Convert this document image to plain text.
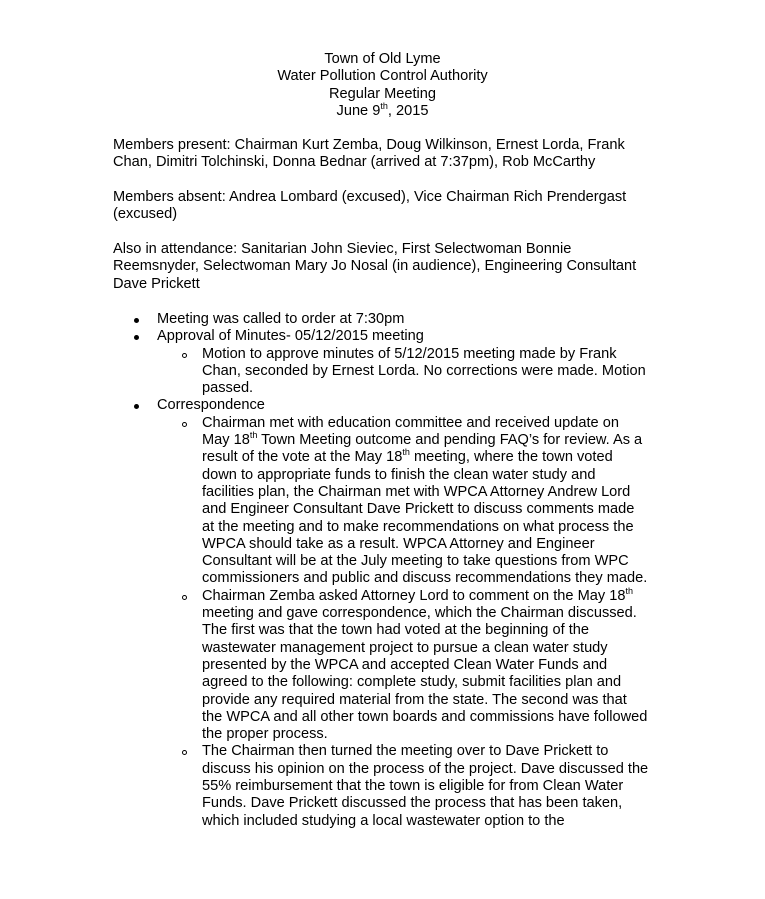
Town of Old Lyme
Water Pollution Control Authority
Regular Meeting
June 9th, 2015
Members present: Chairman Kurt Zemba, Doug Wilkinson, Ernest Lorda, Frank Chan, Dimitri Tolchinski, Donna Bednar (arrived at 7:37pm), Rob McCarthy
Members absent: Andrea Lombard (excused), Vice Chairman Rich Prendergast (excused)
Also in attendance: Sanitarian John Sieviec, First Selectwoman Bonnie Reemsnyder, Selectwoman Mary Jo Nosal (in audience), Engineering Consultant Dave Prickett
Meeting was called to order at 7:30pm
Approval of Minutes- 05/12/2015 meeting
Motion to approve minutes of 5/12/2015 meeting made by Frank Chan, seconded by Ernest Lorda. No corrections were made. Motion passed.
Correspondence
Chairman met with education committee and received update on May 18th Town Meeting outcome and pending FAQ’s for review. As a result of the vote at the May 18th meeting, where the town voted down to appropriate funds to finish the clean water study and facilities plan, the Chairman met with WPCA Attorney Andrew Lord and Engineer Consultant Dave Prickett to discuss comments made at the meeting and to make recommendations on what process the WPCA should take as a result. WPCA Attorney and Engineer Consultant will be at the July meeting to take questions from WPC commissioners and public and discuss recommendations they made.
Chairman Zemba asked Attorney Lord to comment on the May 18th meeting and gave correspondence, which the Chairman discussed. The first was that the town had voted at the beginning of the wastewater management project to pursue a clean water study presented by the WPCA and accepted Clean Water Funds and agreed to the following: complete study, submit facilities plan and provide any required material from the state. The second was that the WPCA and all other town boards and commissions have followed the proper process.
The Chairman then turned the meeting over to Dave Prickett to discuss his opinion on the process of the project. Dave discussed the 55% reimbursement that the town is eligible for from Clean Water Funds. Dave Prickett discussed the process that has been taken, which included studying a local wastewater option to the
